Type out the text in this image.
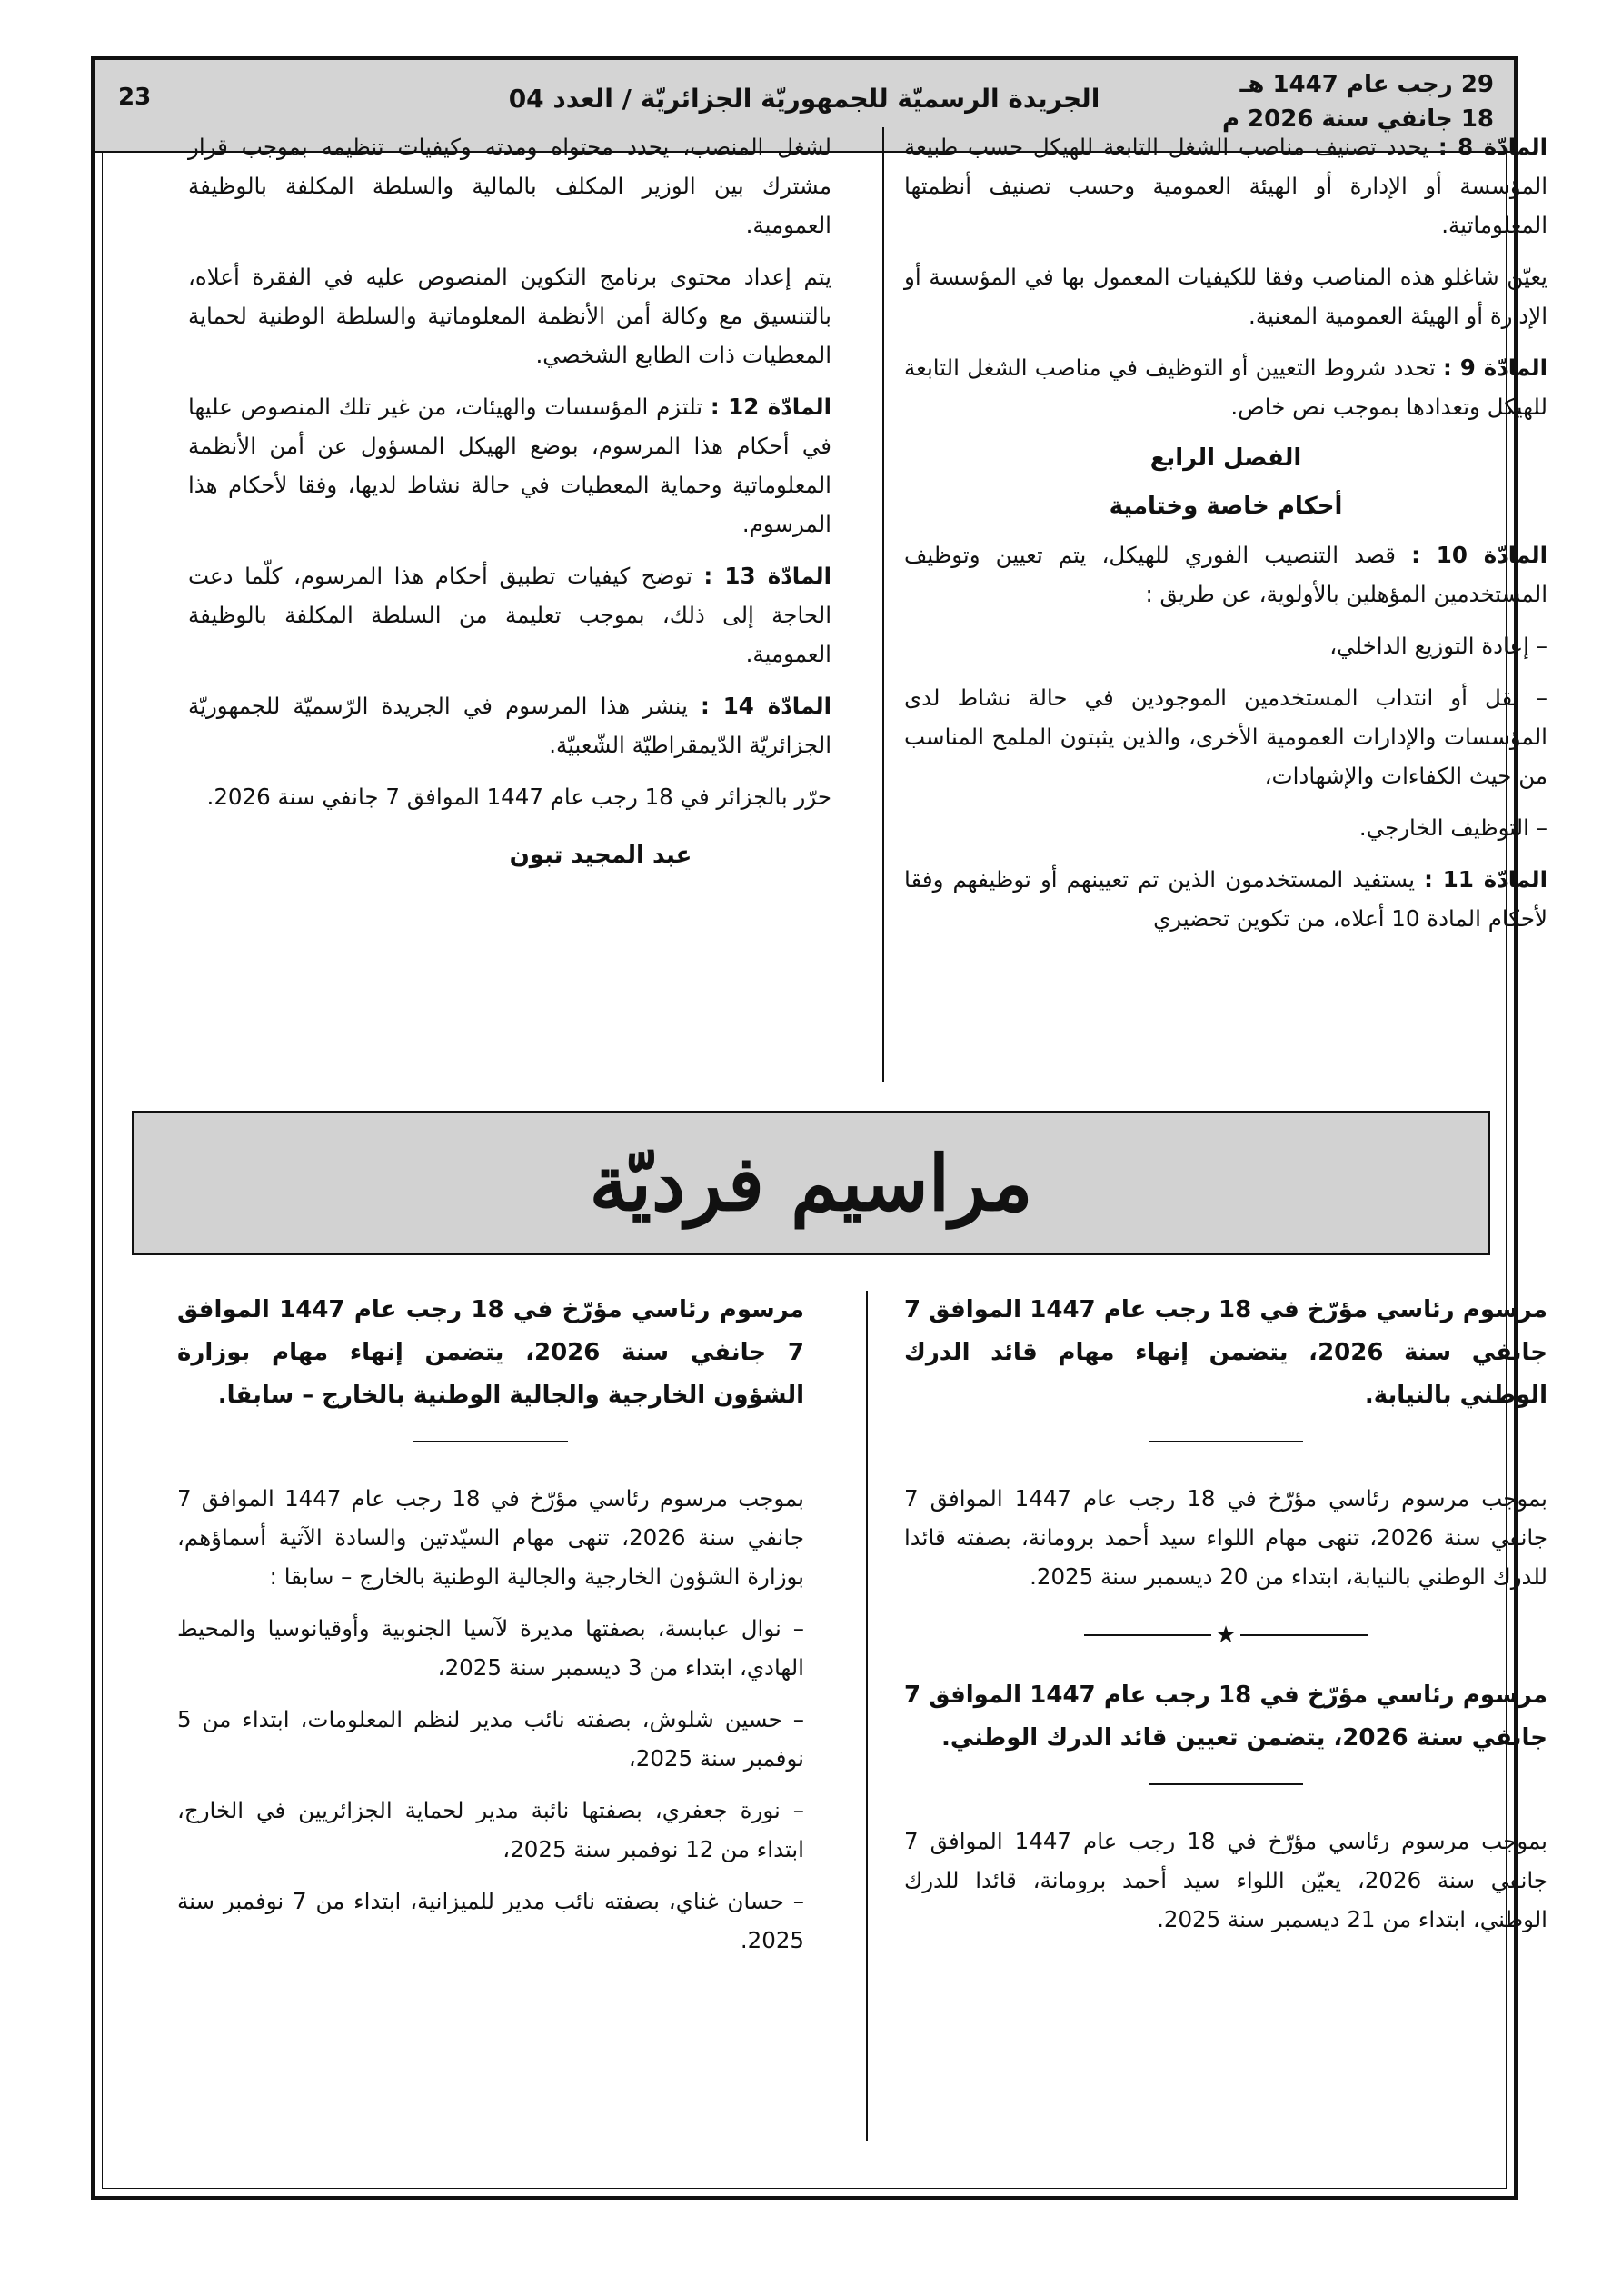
29 رجب عام 1447 هـ
18 جانفي سنة 2026 م
الجريدة الرسميّة للجمهوريّة الجزائريّة / العدد 04
23

المادّة 8 : يحدد تصنيف مناصب الشغل التابعة للهيكل حسب طبيعة المؤسسة أو الإدارة أو الهيئة العمومية وحسب تصنيف أنظمتها المعلوماتية.

يعيّن شاغلو هذه المناصب وفقا للكيفيات المعمول بها في المؤسسة أو الإدارة أو الهيئة العمومية المعنية.

المادّة 9 : تحدد شروط التعيين أو التوظيف في مناصب الشغل التابعة للهيكل وتعدادها بموجب نص خاص.

الفصل الرابع
أحكام خاصة وختامية

المادّة 10 : قصد التنصيب الفوري للهيكل، يتم تعيين وتوظيف المستخدمين المؤهلين بالأولوية، عن طريق :

– إعادة التوزيع الداخلي،

– نقل أو انتداب المستخدمين الموجودين في حالة نشاط لدى المؤسسات والإدارات العمومية الأخرى، والذين يثبتون الملمح المناسب من حيث الكفاءات والإشهادات،

– التوظيف الخارجي.

المادّة 11 : يستفيد المستخدمون الذين تم تعيينهم أو توظيفهم وفقا لأحكام المادة 10 أعلاه، من تكوين تحضيري

لشغل المنصب، يحدد محتواه ومدته وكيفيات تنظيمه بموجب قرار مشترك بين الوزير المكلف بالمالية والسلطة المكلفة بالوظيفة العمومية.

يتم إعداد محتوى برنامج التكوين المنصوص عليه في الفقرة أعلاه، بالتنسيق مع وكالة أمن الأنظمة المعلوماتية والسلطة الوطنية لحماية المعطيات ذات الطابع الشخصي.

المادّة 12 : تلتزم المؤسسات والهيئات، من غير تلك المنصوص عليها في أحكام هذا المرسوم، بوضع الهيكل المسؤول عن أمن الأنظمة المعلوماتية وحماية المعطيات في حالة نشاط لديها، وفقا لأحكام هذا المرسوم.

المادّة 13 : توضح كيفيات تطبيق أحكام هذا المرسوم، كلّما دعت الحاجة إلى ذلك، بموجب تعليمة من السلطة المكلفة بالوظيفة العمومية.

المادّة 14 : ينشر هذا المرسوم في الجريدة الرّسميّة للجمهوريّة الجزائريّة الدّيمقراطيّة الشّعبيّة.

حرّر بالجزائر في 18 رجب عام 1447 الموافق 7 جانفي سنة 2026.

عبد المجيد تبون
مراسيم فرديّة
مرسوم رئاسي مؤرّخ في 18 رجب عام 1447 الموافق 7 جانفي سنة 2026، يتضمن إنهاء مهام قائد الدرك الوطني بالنيابة.

بموجب مرسوم رئاسي مؤرّخ في 18 رجب عام 1447 الموافق 7 جانفي سنة 2026، تنهى مهام اللواء سيد أحمد برومانة، بصفته قائدا للدرك الوطني بالنيابة، ابتداء من 20 ديسمبر سنة 2025.

★
مرسوم رئاسي مؤرّخ في 18 رجب عام 1447 الموافق 7 جانفي سنة 2026، يتضمن تعيين قائد الدرك الوطني.

بموجب مرسوم رئاسي مؤرّخ في 18 رجب عام 1447 الموافق 7 جانفي سنة 2026، يعيّن اللواء سيد أحمد برومانة، قائدا للدرك الوطني، ابتداء من 21 ديسمبر سنة 2025.

مرسوم رئاسي مؤرّخ في 18 رجب عام 1447 الموافق 7 جانفي سنة 2026، يتضمن إنهاء مهام بوزارة الشؤون الخارجية والجالية الوطنية بالخارج – سابقا.

بموجب مرسوم رئاسي مؤرّخ في 18 رجب عام 1447 الموافق 7 جانفي سنة 2026، تنهى مهام السيّدتين والسادة الآتية أسماؤهم، بوزارة الشؤون الخارجية والجالية الوطنية بالخارج – سابقا :

– نوال عبابسة، بصفتها مديرة لآسيا الجنوبية وأوقيانوسيا والمحيط الهادي، ابتداء من 3 ديسمبر سنة 2025،

– حسين شلوش، بصفته نائب مدير لنظم المعلومات، ابتداء من 5 نوفمبر سنة 2025،

– نورة جعفري، بصفتها نائبة مدير لحماية الجزائريين في الخارج، ابتداء من 12 نوفمبر سنة 2025،

– حسان غناي، بصفته نائب مدير للميزانية، ابتداء من 7 نوفمبر سنة 2025.
